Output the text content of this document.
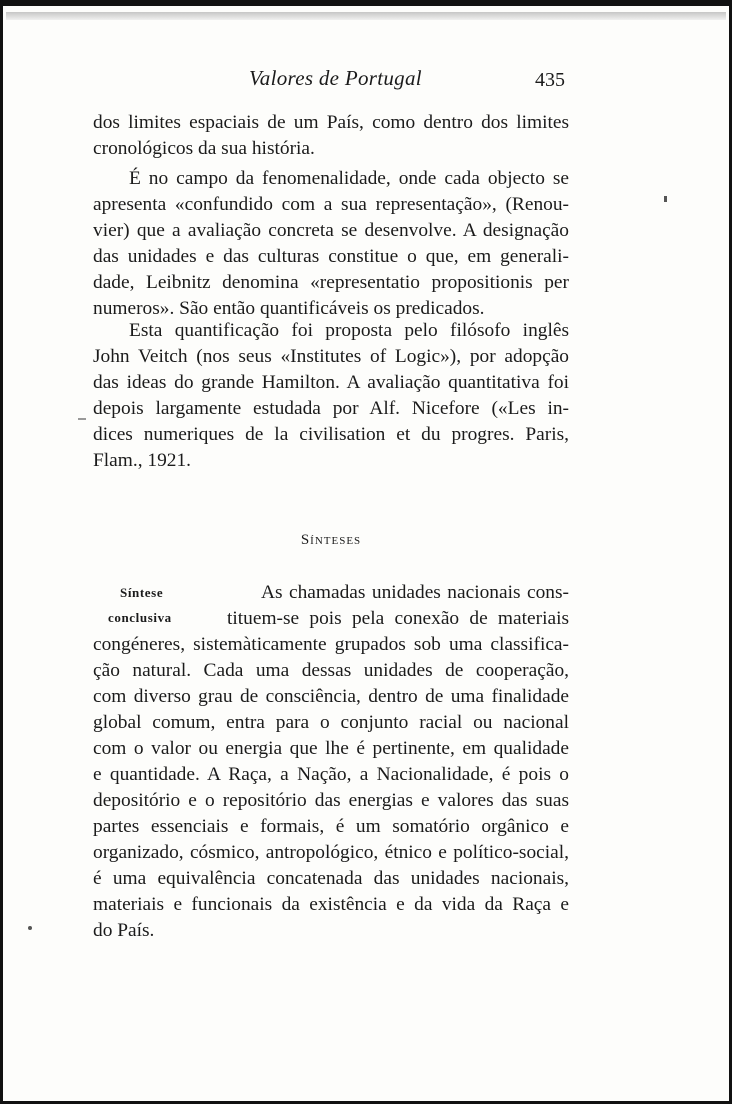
Valores de Portugal	435
dos limites espaciais de um País, como dentro dos limites
cronológicos da sua história.
É no campo da fenomenalidade, onde cada objecto se
apresenta «confundido com a sua representação», (Renou-
vier) que a avaliação concreta se desenvolve. A designação
das unidades e das culturas constitue o que, em generali-
dade, Leibnitz denomina «representatio propositionis per
numeros». São então quantificáveis os predicados.
Esta quantificação foi proposta pelo filósofo inglês
John Veitch (nos seus «Institutes of Logic»), por adopção
das ideas do grande Hamilton. A avaliação quantitativa foi
depois largamente estudada por Alf. Nicefore («Les in-
dices numeriques de la civilisation et du progres. Paris,
Flam., 1921.
Sínteses
As chamadas unidades nacionais cons-
tituem-se pois pela conexão de materiais
congéneres, sistemàticamente grupados sob uma classifica-
ção natural. Cada uma dessas unidades de cooperação,
com diverso grau de consciência, dentro de uma finalidade
global comum, entra para o conjunto racial ou nacional
com o valor ou energia que lhe é pertinente, em qualidade
e quantidade. A Raça, a Nação, a Nacionalidade, é pois o
depositório e o repositório das energias e valores das suas
partes essenciais e formais, é um somatório orgânico e
organizado, cósmico, antropológico, étnico e político-social,
é uma equivalência concatenada das unidades nacionais,
materiais e funcionais da existência e da vida da Raça e
do País.
Síntese
conclusiva
